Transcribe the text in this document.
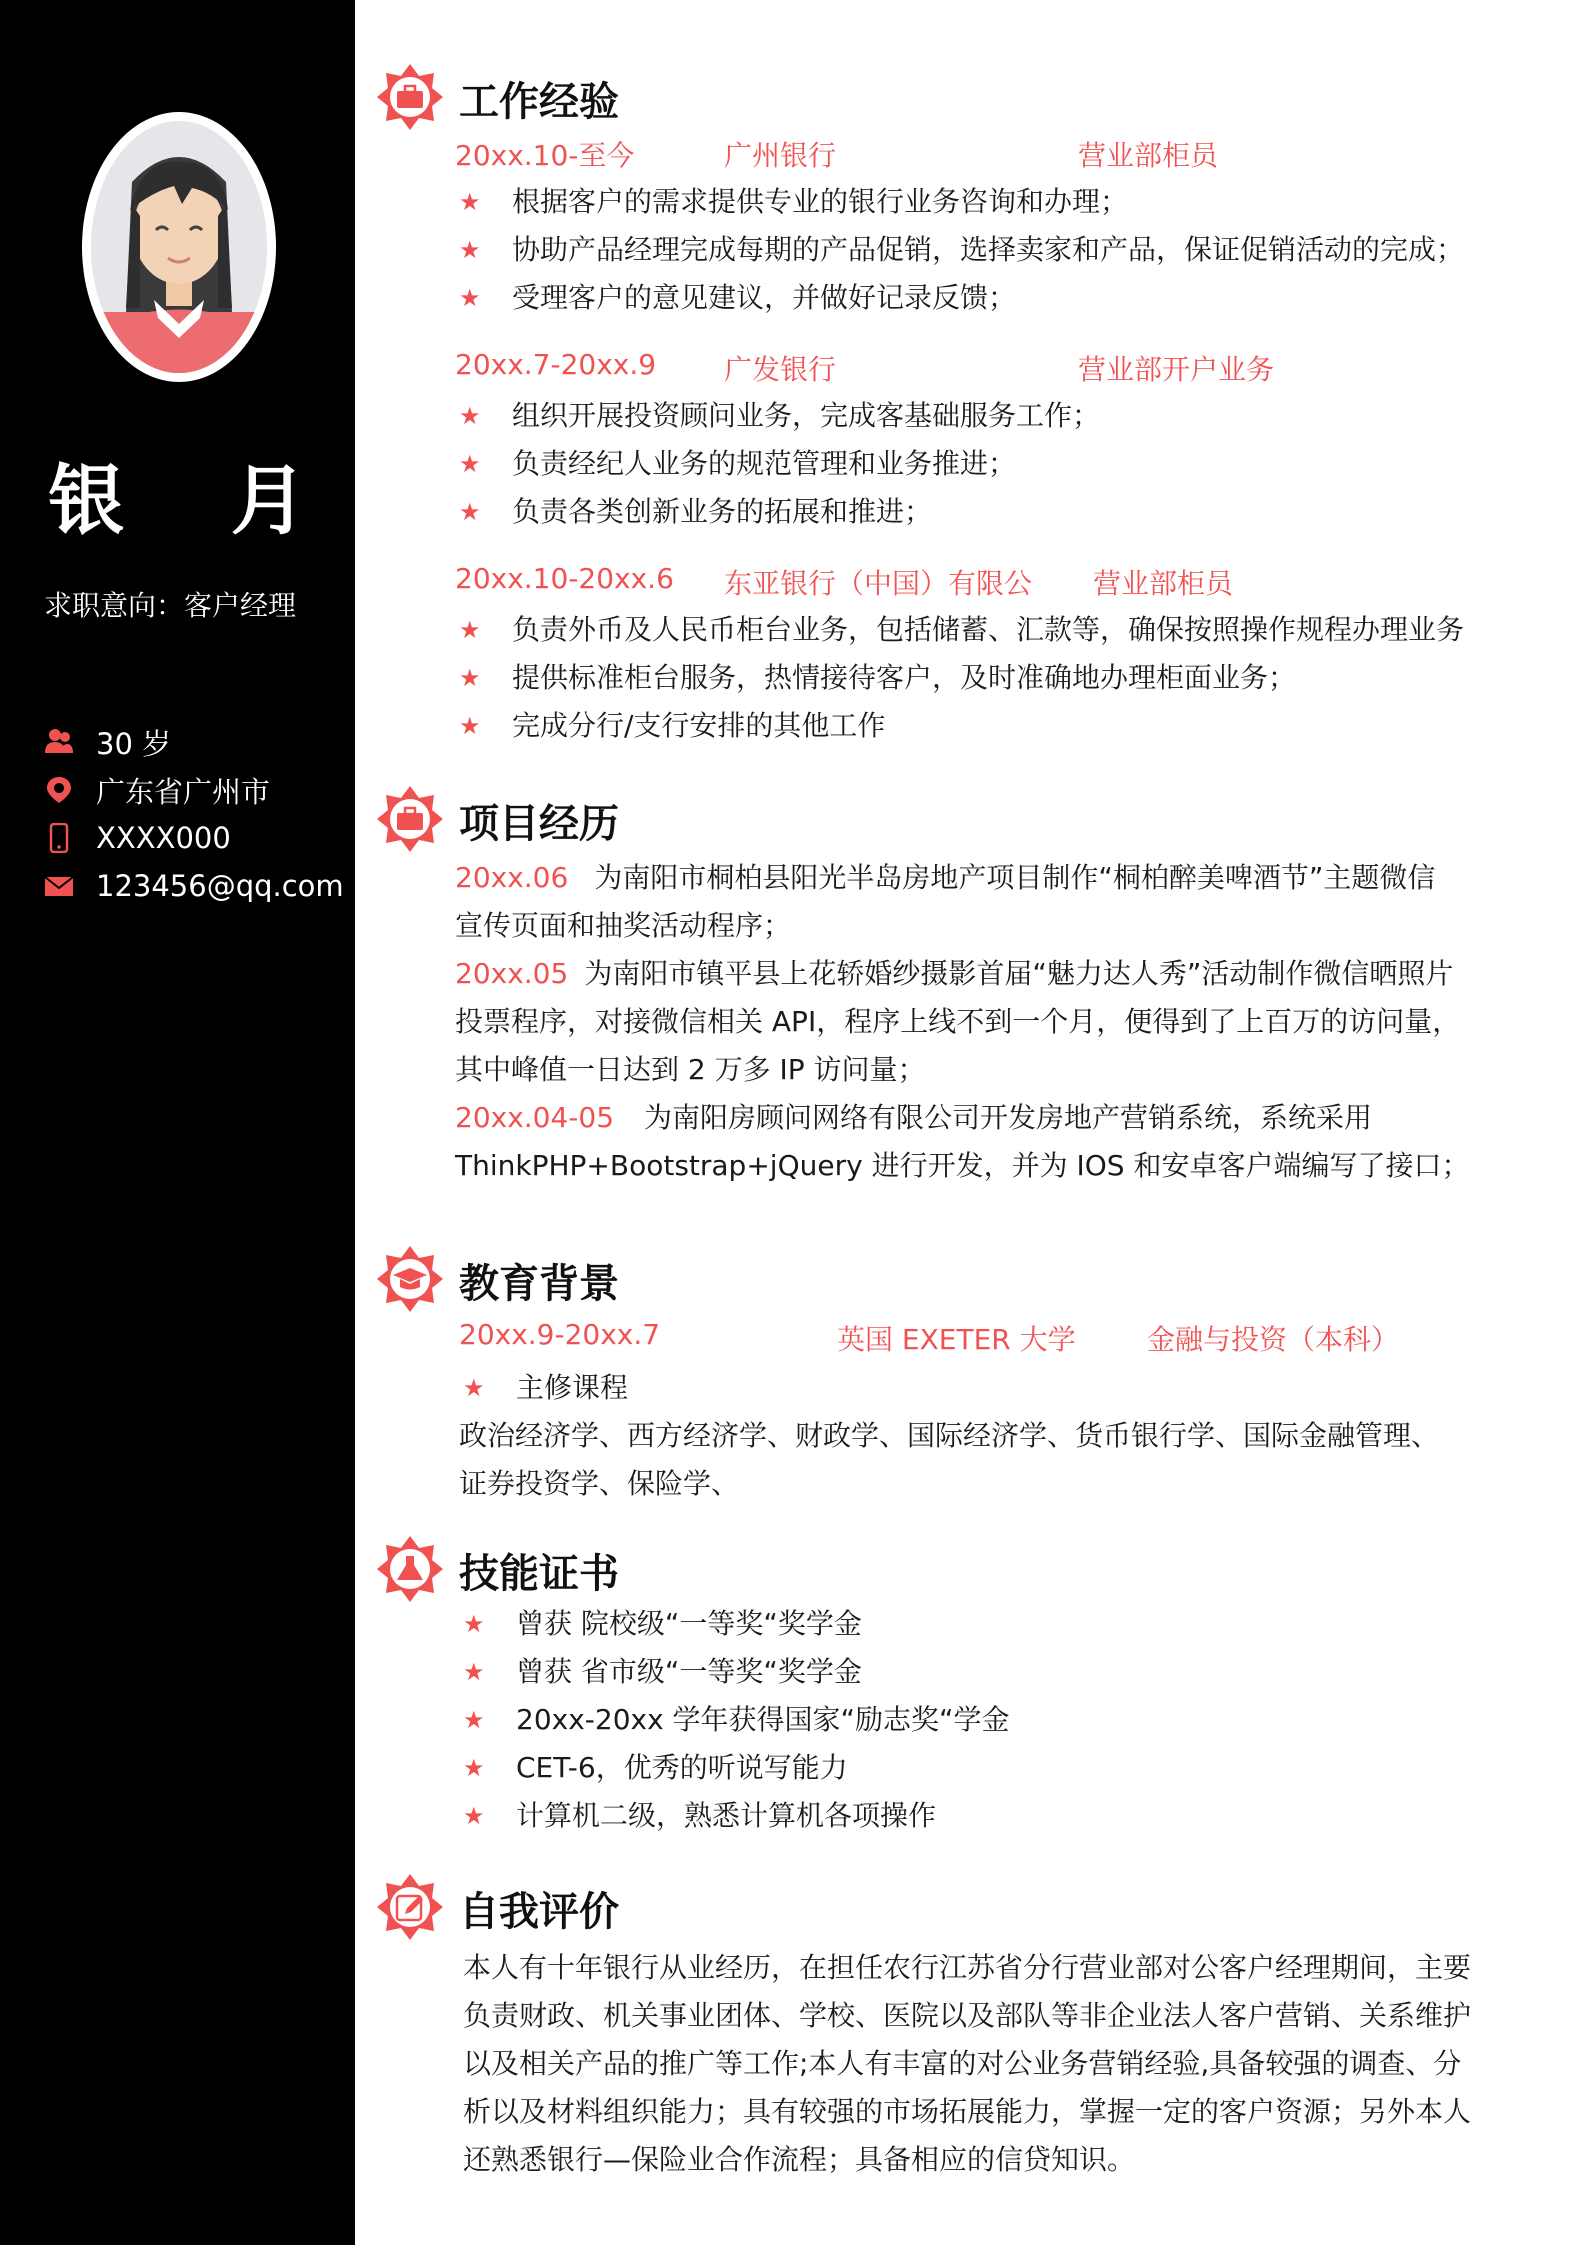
银 月
求职意向：客户经理
30 岁
广东省广州市
XXXX000
123456@qq.com
工作经验
20xx.10-至今	广州银行	营业部柜员
★ 根据客户的需求提供专业的银行业务咨询和办理；
★ 协助产品经理完成每期的产品促销，选择卖家和产品，保证促销活动的完成；
★ 受理客户的意见建议，并做好记录反馈；
20xx.7-20xx.9 广发银行	营业部开户业务
★ 组织开展投资顾问业务，完成客基础服务工作；
★ 负责经纪人业务的规范管理和业务推进；
★ 负责各类创新业务的拓展和推进；
20xx.10-20xx.6 东亚银行（中国）有限公 营业部柜员
★ 负责外币及人民币柜台业务，包括储蓄、汇款等，确保按照操作规程办理业务
★ 提供标准柜台服务，热情接待客户，及时准确地办理柜面业务；
★ 完成分行/支行安排的其他工作
项目经历
20xx.06 为南阳市桐柏县阳光半岛房地产项目制作“桐柏醉美啤酒节”主题微信
宣传页面和抽奖活动程序；
20xx.05 为南阳市镇平县上花轿婚纱摄影首届“魅力达人秀”活动制作微信晒照片
投票程序，对接微信相关 API，程序上线不到一个月，便得到了上百万的访问量，
其中峰值一日达到 2 万多 IP 访问量；
20xx.04-05 为南阳房顾问网络有限公司开发房地产营销系统，系统采用
ThinkPHP+Bootstrap+jQuery 进行开发，并为 IOS 和安卓客户端编写了接口；
教育背景
20xx.9-20xx.7	英国 EXETER 大学	金融与投资（本科）
★ 主修课程
政治经济学、西方经济学、财政学、国际经济学、货币银行学、国际金融管理、
证券投资学、保险学、
技能证书
★ 曾获 院校级“一等奖“奖学金
★ 曾获 省市级“一等奖“奖学金
★ 20xx-20xx 学年获得国家“励志奖“学金
★ CET-6，优秀的听说写能力
★ 计算机二级，熟悉计算机各项操作
自我评价
本人有十年银行从业经历，在担任农行江苏省分行营业部对公客户经理期间，主要
负责财政、机关事业团体、学校、医院以及部队等非企业法人客户营销、关系维护
以及相关产品的推广等工作;本人有丰富的对公业务营销经验,具备较强的调查、分
析以及材料组织能力；具有较强的市场拓展能力，掌握一定的客户资源；另外本人
还熟悉银行—保险业合作流程；具备相应的信贷知识。
